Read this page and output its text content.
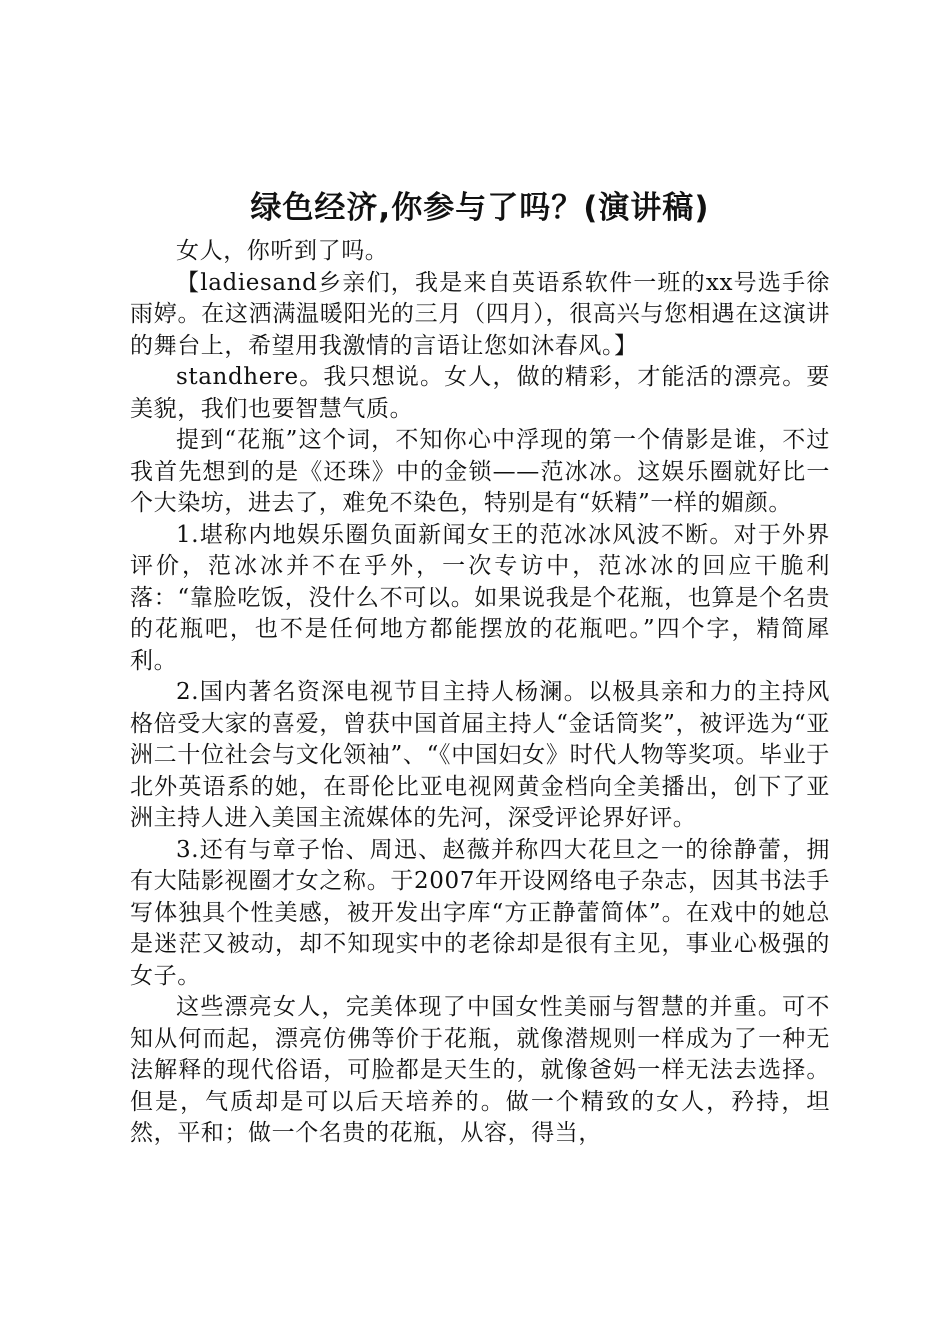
绿色经济,你参与了吗？(演讲稿)

女人，你听到了吗。

【ladiesand乡亲们，我是来自英语系软件一班的xx号选手徐雨婷。在这洒满温暖阳光的三月（四月），很高兴与您相遇在这演讲的舞台上，希望用我激情的言语让您如沐春风。】

standhere。我只想说。女人，做的精彩，才能活的漂亮。要美貌，我们也要智慧气质。

提到“花瓶”这个词，不知你心中浮现的第一个倩影是谁，不过我首先想到的是《还珠》中的金锁——范冰冰。这娱乐圈就好比一个大染坊，进去了，难免不染色，特别是有“妖精”一样的媚颜。

1.堪称内地娱乐圈负面新闻女王的范冰冰风波不断。对于外界评价，范冰冰并不在乎外，一次专访中，范冰冰的回应干脆利落：“靠脸吃饭，没什么不可以。如果说我是个花瓶，也算是个名贵的花瓶吧，也不是任何地方都能摆放的花瓶吧。”四个字，精简犀利。

2.国内著名资深电视节目主持人杨澜。以极具亲和力的主持风格倍受大家的喜爱，曾获中国首届主持人“金话筒奖”，被评选为“亚洲二十位社会与文化领袖”、“《中国妇女》时代人物等奖项。毕业于北外英语系的她，在哥伦比亚电视网黄金档向全美播出，创下了亚洲主持人进入美国主流媒体的先河，深受评论界好评。

3.还有与章子怡、周迅、赵薇并称四大花旦之一的徐静蕾，拥有大陆影视圈才女之称。于2007年开设网络电子杂志，因其书法手写体独具个性美感，被开发出字库“方正静蕾简体”。在戏中的她总是迷茫又被动，却不知现实中的老徐却是很有主见，事业心极强的女子。

这些漂亮女人，完美体现了中国女性美丽与智慧的并重。可不知从何而起，漂亮仿佛等价于花瓶，就像潜规则一样成为了一种无法解释的现代俗语，可脸都是天生的，就像爸妈一样无法去选择。但是，气质却是可以后天培养的。做一个精致的女人，矜持，坦然，平和；做一个名贵的花瓶，从容，得当，
